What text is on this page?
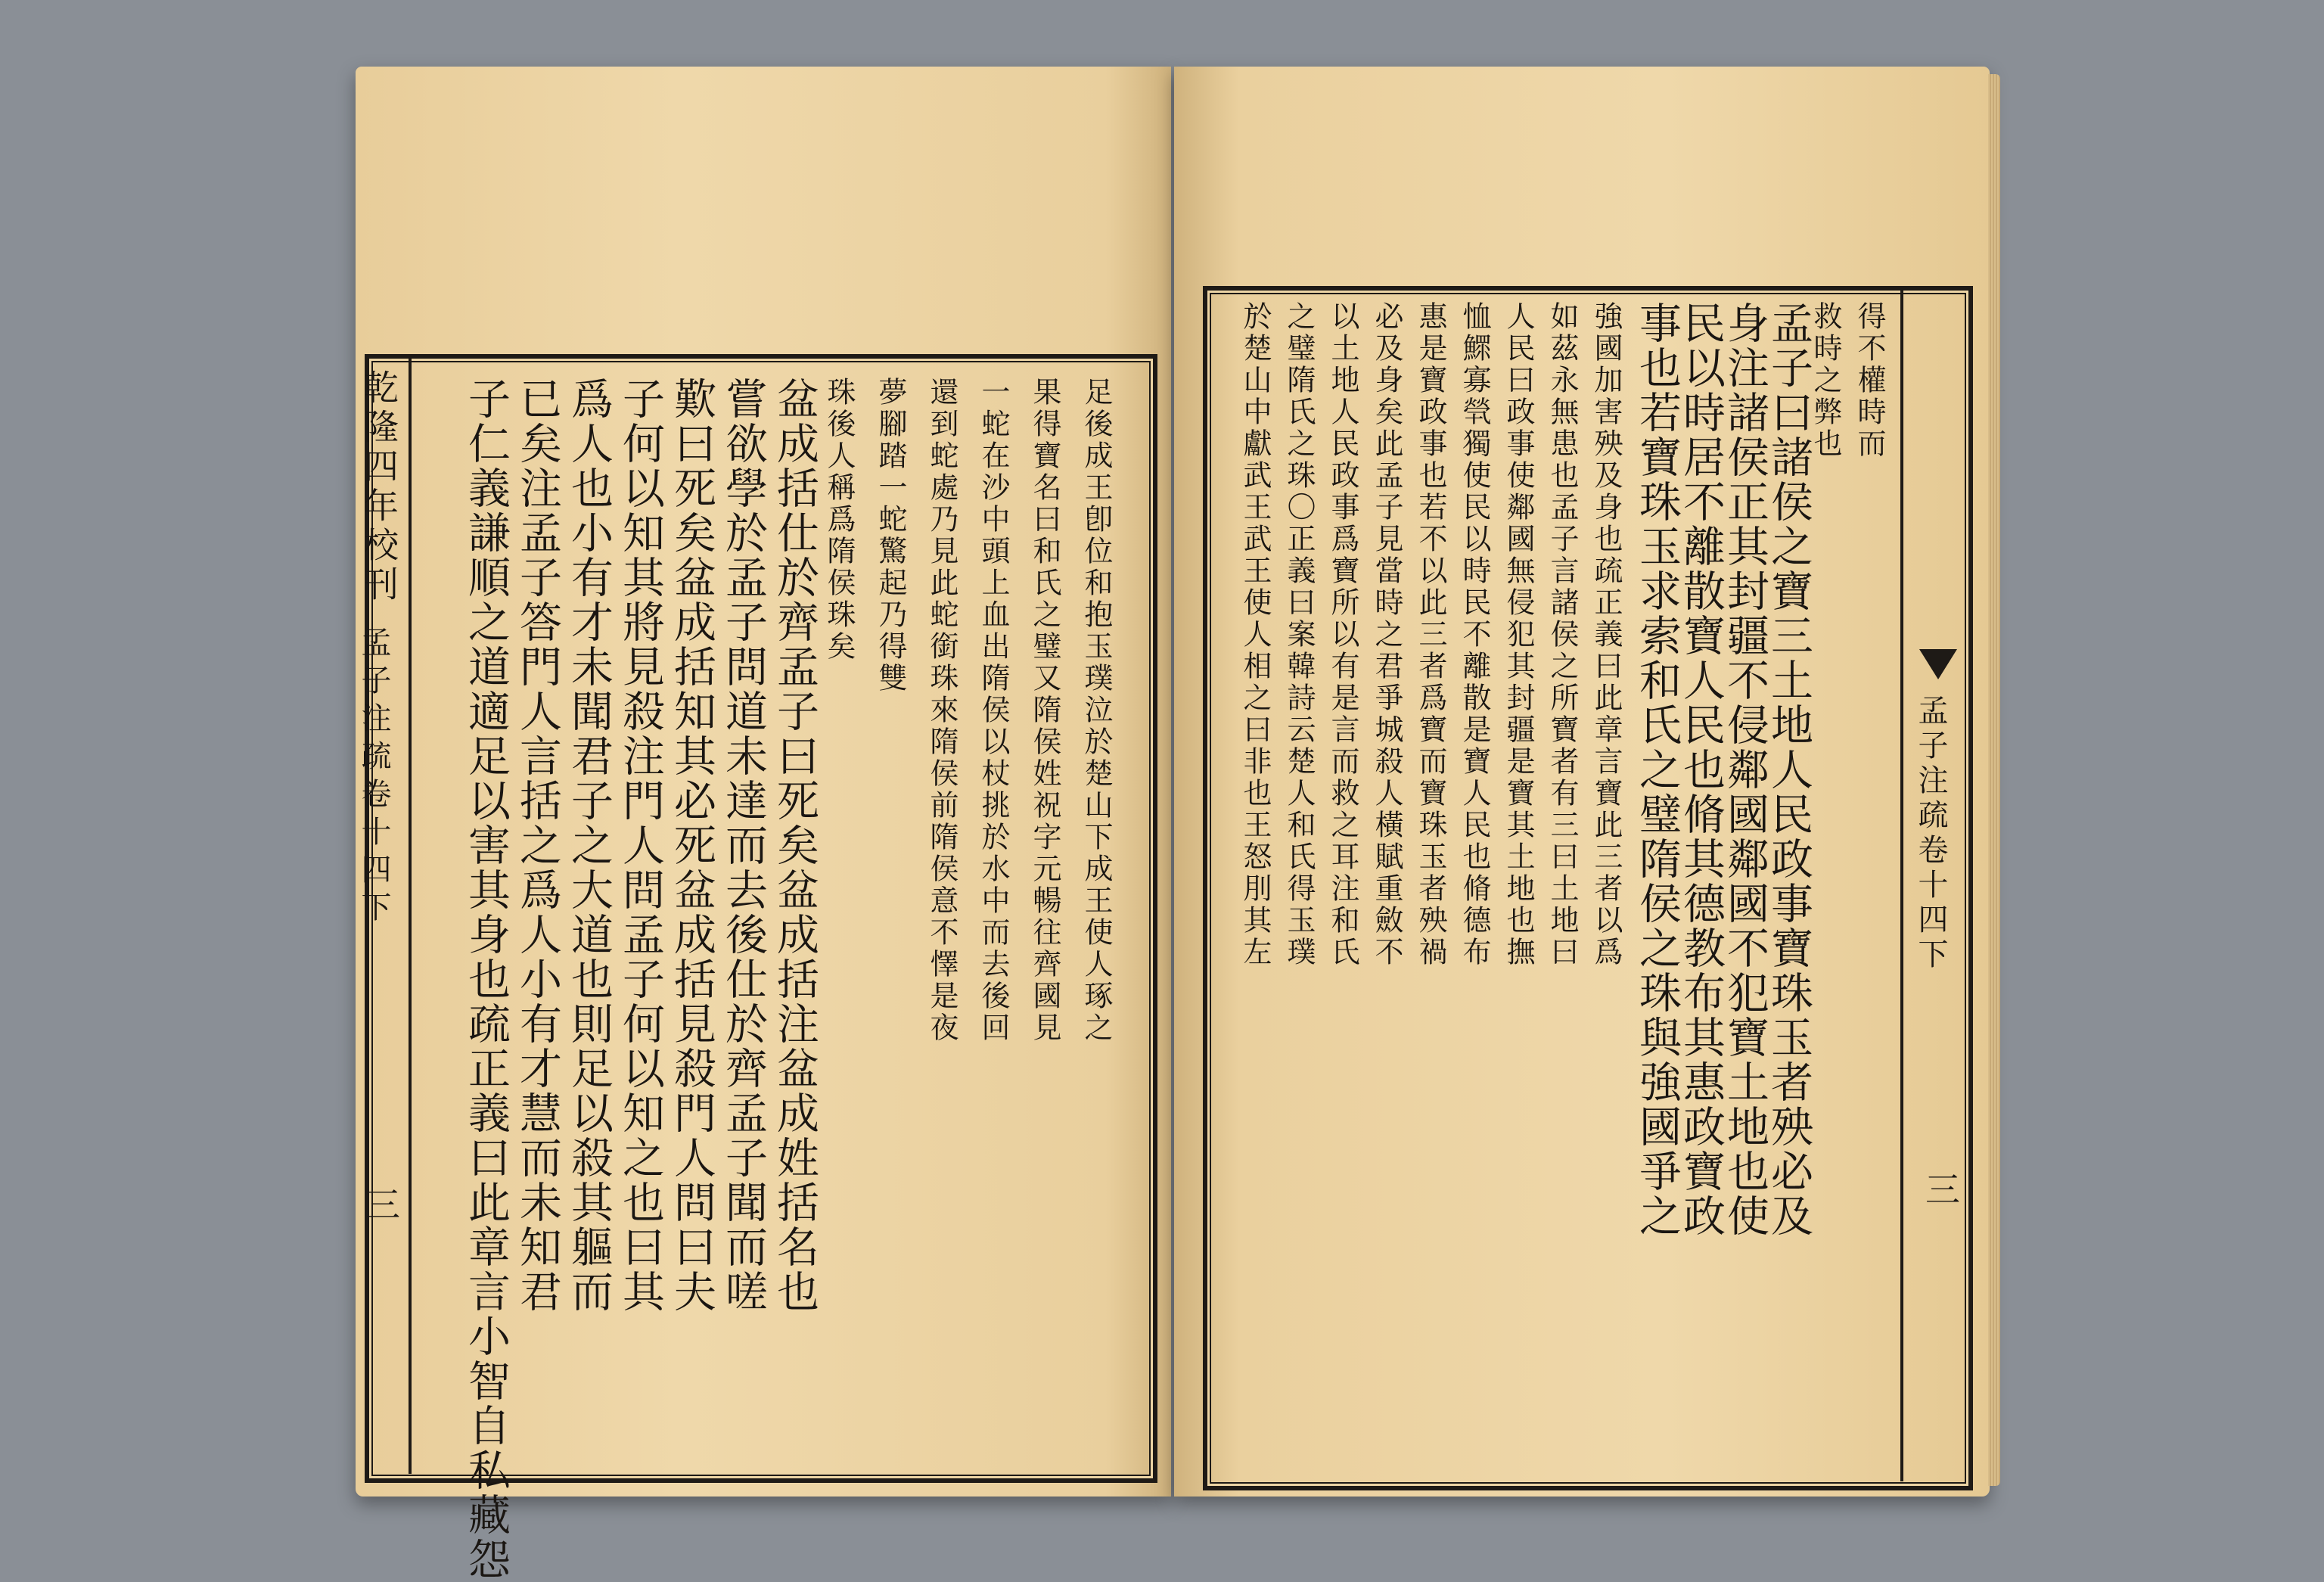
乾隆四年校刊
孟子注疏卷十四下
三
足後成王卽位和抱玉璞泣於楚山下成王使人琢之
果得寶名曰和氏之璧又隋侯姓祝字元暢往齊國見
一蛇在沙中頭上血出隋侯以杖挑於水中而去後回
還到蛇處乃見此蛇銜珠來隋侯前隋侯意不懌是夜
夢腳踏一蛇驚起乃得雙
珠後人稱爲隋侯珠矣
盆成括仕於齊孟子曰死矣盆成括注盆成姓括名也
嘗欲學於孟子問道未達而去後仕於齊孟子聞而嗟
歎曰死矣盆成括知其必死盆成括見殺門人問曰夫
子何以知其將見殺注門人問孟子何以知之也曰其
爲人也小有才未聞君子之大道也則足以殺其軀而
已矣注孟子答門人言括之爲人小有才慧而未知君
子仁義謙順之道適足以害其身也疏正義曰此章言小智自私藏怨	孟子注疏卷十四下
三
得不權時而
救時之弊也
孟子曰諸侯之寶三土地人民政事寶珠玉者殃必及
身注諸侯正其封疆不侵鄰國鄰國不犯寶土地也使
民以時居不離散寶人民也脩其德教布其惠政寶政
事也若寶珠玉求索和氏之璧隋侯之珠與強國爭之
強國加害殃及身也疏正義曰此章言寶此三者以爲
如茲永無患也孟子言諸侯之所寶者有三曰土地曰
人民曰政事使鄰國無侵犯其封疆是寶其土地也撫
恤鰥寡煢獨使民以時民不離散是寶人民也脩德布
惠是寶政事也若不以此三者爲寶而寶珠玉者殃禍
必及身矣此孟子見當時之君爭城殺人橫賦重斂不
以土地人民政事爲寶所以有是言而救之耳注和氏
之璧隋氏之珠〇正義曰案韓詩云楚人和氏得玉璞
於楚山中獻武王武王使人相之曰非也王怒刖其左
